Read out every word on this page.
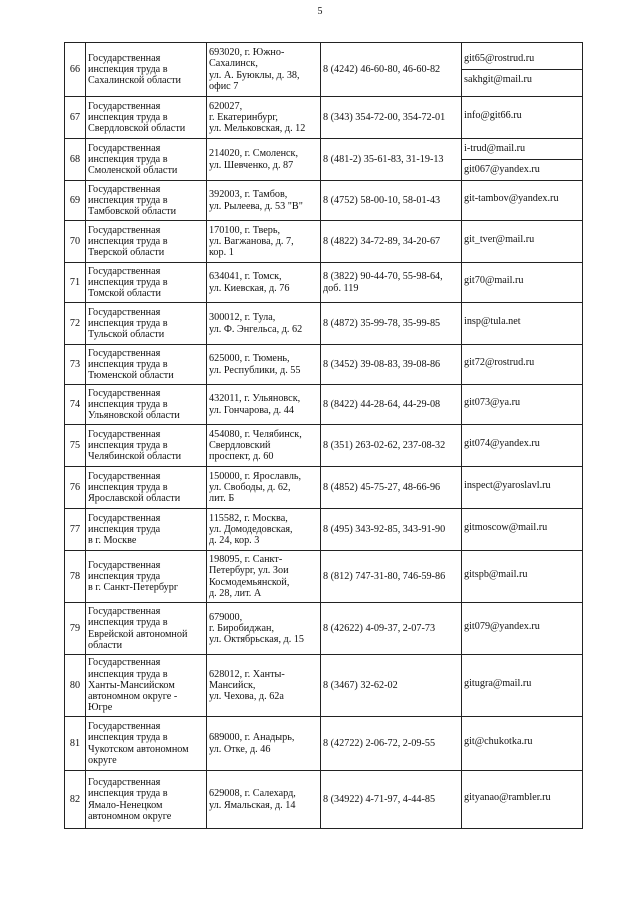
5
66	Государственная
инспекция труда в
Сахалинской области	693020, г. Южно-
Сахалинск,
ул. А. Буюклы, д. 38,
офис 7	8 (4242) 46-60-80, 46-60-82	git65@rostrud.ru
sakhgit@mail.ru

67	Государственная
инспекция труда в
Свердловской области	620027,
г. Екатеринбург,
ул. Мельковская, д. 12	8 (343) 354-72-00, 354-72-01	info@git66.ru

68	Государственная
инспекция труда в
Смоленской области	214020, г. Смоленск,
ул. Шевченко, д. 87	8 (481-2) 35-61-83, 31-19-13	i-trud@mail.ru
git067@yandex.ru

69	Государственная
инспекция труда в
Тамбовской области	392003, г. Тамбов,
ул. Рылеева, д. 53 "В"	8 (4752) 58-00-10, 58-01-43	git-tambov@yandex.ru

70	Государственная
инспекция труда в
Тверской области	170100, г. Тверь,
ул. Вагжанова, д. 7,
кор. 1	8 (4822) 34-72-89, 34-20-67	git_tver@mail.ru

71	Государственная
инспекция труда в
Томской области	634041, г. Томск,
ул. Киевская, д. 76	8 (3822) 90-44-70, 55-98-64,
доб. 119	git70@mail.ru

72	Государственная
инспекция труда в
Тульской области	300012, г. Тула,
ул. Ф. Энгельса, д. 62	8 (4872) 35-99-78, 35-99-85	insp@tula.net

73	Государственная
инспекция труда в
Тюменской области	625000, г. Тюмень,
ул. Республики, д. 55	8 (3452) 39-08-83, 39-08-86	git72@rostrud.ru

74	Государственная
инспекция труда в
Ульяновской области	432011, г. Ульяновск,
ул. Гончарова, д. 44	8 (8422) 44-28-64, 44-29-08	git073@ya.ru

75	Государственная
инспекция труда в
Челябинской области	454080, г. Челябинск,
Свердловский
проспект, д. 60	8 (351) 263-02-62, 237-08-32	git074@yandex.ru

76	Государственная
инспекция труда в
Ярославской области	150000, г. Ярославль,
ул. Свободы, д. 62,
лит. Б	8 (4852) 45-75-27, 48-66-96	inspect@yaroslavl.ru

77	Государственная
инспекция труда
в г. Москве	115582, г. Москва,
ул. Домодедовская,
д. 24, кор. 3	8 (495) 343-92-85, 343-91-90	gitmoscow@mail.ru

78	Государственная
инспекция труда
в г. Санкт-Петербург	198095, г. Санкт-
Петербург, ул. Зои
Космодемьянской,
д. 28, лит. А	8 (812) 747-31-80, 746-59-86	gitspb@mail.ru

79	Государственная
инспекция труда в
Еврейской автономной
области	679000,
г. Биробиджан,
ул. Октябрьская, д. 15	8 (42622) 4-09-37, 2-07-73	git079@yandex.ru

80	Государственная
инспекция труда в
Ханты-Мансийском
автономном округе -
Югре	628012, г. Ханты-
Мансийск,
ул. Чехова, д. 62а	8 (3467) 32-62-02	gitugra@mail.ru

81	Государственная
инспекция труда в
Чукотском автономном
округе	689000, г. Анадырь,
ул. Отке, д. 46	8 (42722) 2-06-72, 2-09-55	git@chukotka.ru

82	Государственная
инспекция труда в
Ямало-Ненецком
автономном округе	629008, г. Салехард,
ул. Ямальская, д. 14	8 (34922) 4-71-97, 4-44-85	gityanao@rambler.ru
